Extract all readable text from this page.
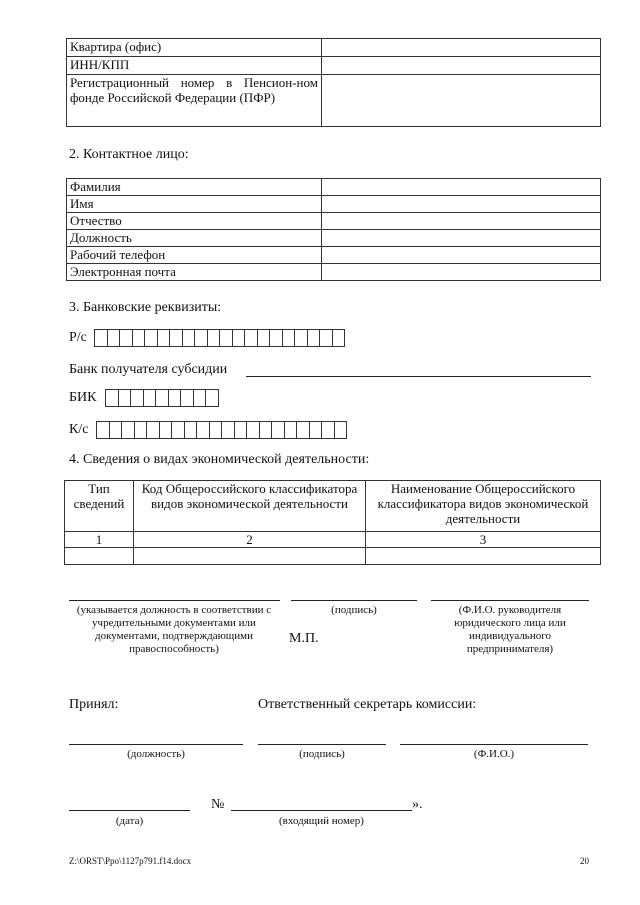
Квартира (офис)	
ИНН/КПП	
Регистрационный номер в Пенсион-ном фонде Российской Федерации (ПФР)	
2. Контактное лицо:
Фамилия	
Имя	
Отчество	
Должность	
Рабочий телефон	
Электронная почта	
3. Банковские реквизиты:
Р/с
Банк получателя субсидии
БИК
К/с
4. Сведения о видах экономической деятельности:
Тип сведений	Код Общероссийского классификатора видов экономической деятельности	Наименование Общероссийского классификатора видов экономической деятельности
1	2	3

(указывается должность в соответствии с учредительными документами или документами, подтверждающими правоспособность)
(подпись)
М.П.
(Ф.И.О. руководителя юридического лица или индивидуального предпринимателя)
Принял:	Ответственный секретарь комиссии:
(должность)	(подпись)	(Ф.И.О.)
№	».
(дата)	(входящий номер)
Z:\ORST\Ppo\1127p791.f14.docx	20
